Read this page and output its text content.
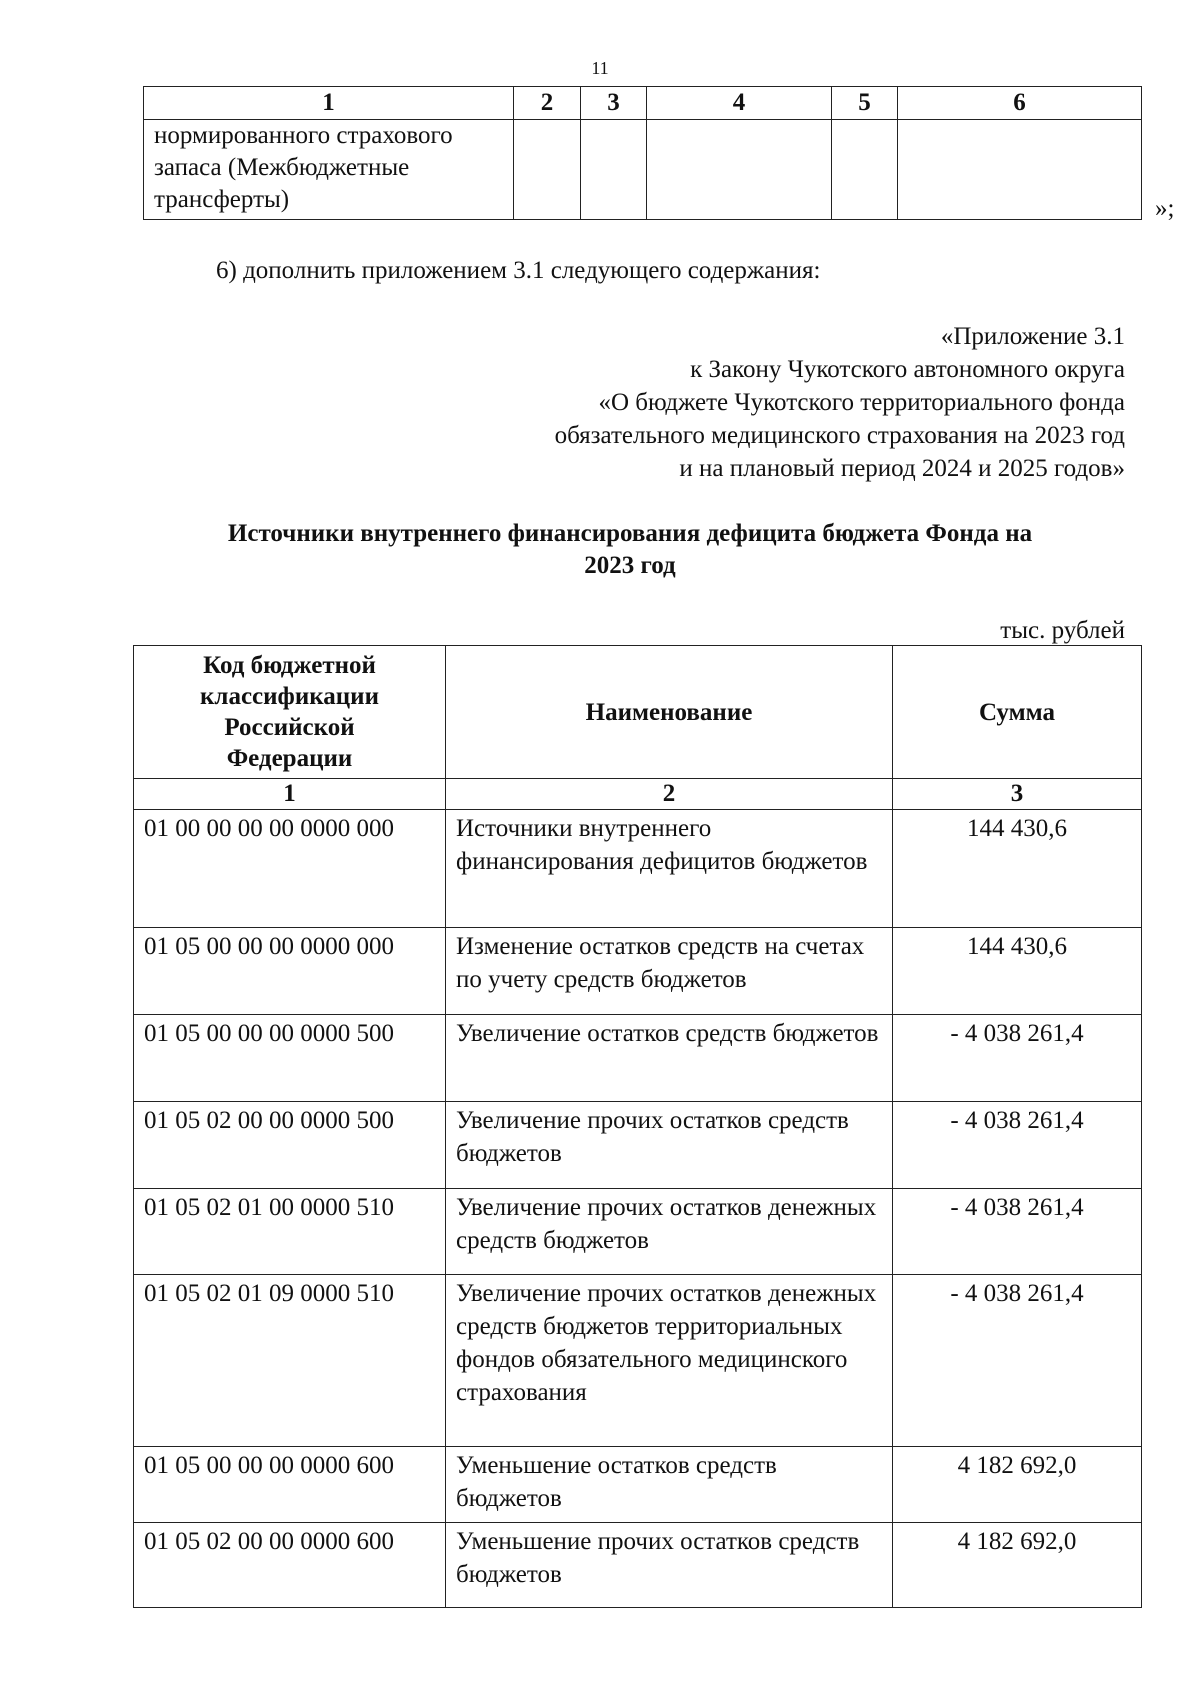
11
1	2	3	4	5	6
нормированного страхового запаса (Межбюджетные трансферты)						»;
6) дополнить приложением 3.1 следующего содержания:
«Приложение 3.1
к Закону Чукотского автономного округа
«О бюджете Чукотского территориального фонда
обязательного медицинского страхования на 2023 год
и на плановый период 2024 и 2025 годов»
Источники внутреннего финансирования дефицита бюджета Фонда на
2023 год
тыс. рублей
Код бюджетной классификации Российской Федерации	Наименование	Сумма
1	2	3
01 00 00 00 00 0000 000	Источники внутреннего финансирования дефицитов бюджетов	144 430,6
01 05 00 00 00 0000 000	Изменение остатков средств на счетах по учету средств бюджетов	144 430,6
01 05 00 00 00 0000 500	Увеличение остатков средств бюджетов	- 4 038 261,4
01 05 02 00 00 0000 500	Увеличение прочих остатков средств бюджетов	- 4 038 261,4
01 05 02 01 00 0000 510	Увеличение прочих остатков денежных средств бюджетов	- 4 038 261,4
01 05 02 01 09 0000 510	Увеличение прочих остатков денежных средств бюджетов территориальных фондов обязательного медицинского страхования	- 4 038 261,4
01 05 00 00 00 0000 600	Уменьшение остатков средств бюджетов	4 182 692,0
01 05 02 00 00 0000 600	Уменьшение прочих остатков средств бюджетов	4 182 692,0
